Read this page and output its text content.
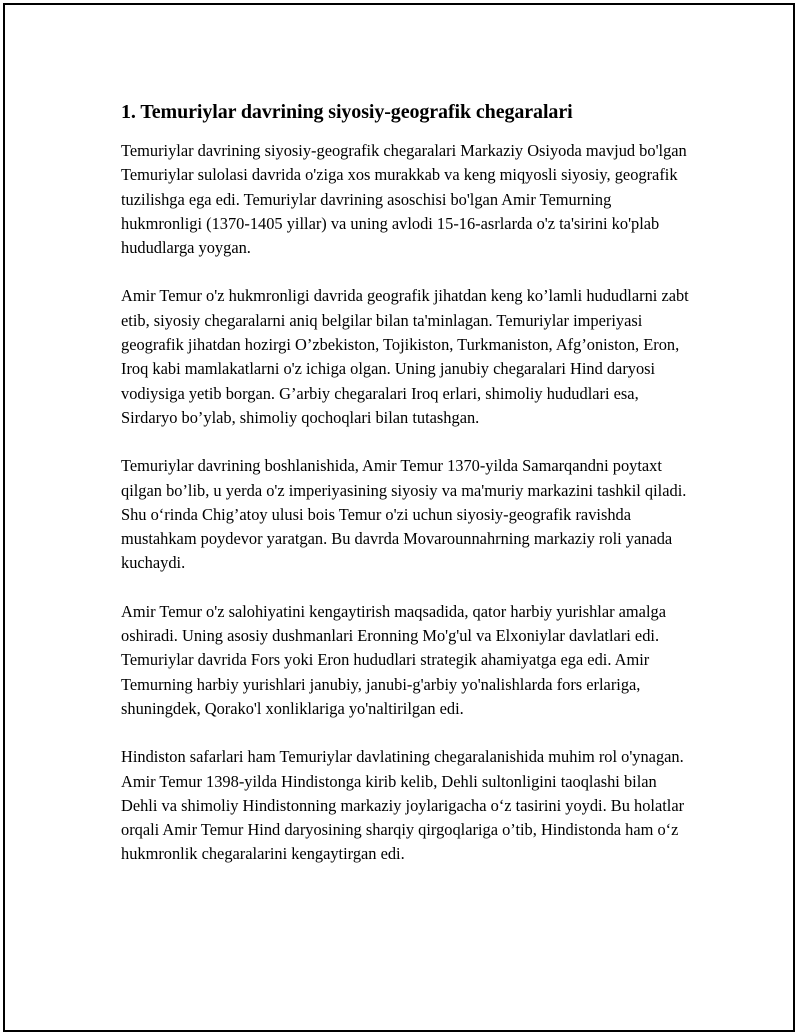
1. Temuriylar davrining siyosiy-geografik chegaralari

Temuriylar davrining siyosiy-geografik chegaralari Markaziy Osiyoda mavjud bo'lgan Temuriylar sulolasi davrida o'ziga xos murakkab va keng miqyosli siyosiy, geografik tuzilishga ega edi. Temuriylar davrining asoschisi bo'lgan Amir Temurning hukmronligi (1370-1405 yillar) va uning avlodi 15-16-asrlarda o'z ta'sirini ko'plab hududlarga yoygan.

Amir Temur o'z hukmronligi davrida geografik jihatdan keng ko’lamli hududlarni zabt etib, siyosiy chegaralarni aniq belgilar bilan ta'minlagan. Temuriylar imperiyasi geografik jihatdan hozirgi O’zbekiston, Tojikiston, Turkmaniston, Afg’oniston, Eron, Iroq kabi mamlakatlarni o'z ichiga olgan. Uning janubiy chegaralari Hind daryosi vodiysiga yetib borgan. G’arbiy chegaralari Iroq erlari, shimoliy hududlari esa, Sirdaryo bo’ylab, shimoliy qochoqlari bilan tutashgan.

Temuriylar davrining boshlanishida, Amir Temur 1370-yilda Samarqandni poytaxt qilgan bo’lib, u yerda o'z imperiyasining siyosiy va ma'muriy markazini tashkil qiladi. Shu o‘rinda Chig’atoy ulusi bois Temur o'zi uchun siyosiy-geografik ravishda mustahkam poydevor yaratgan. Bu davrda Movarounnahrning markaziy roli yanada kuchaydi.

Amir Temur o'z salohiyatini kengaytirish maqsadida, qator harbiy yurishlar amalga oshiradi. Uning asosiy dushmanlari Eronning Mo'g'ul va Elxoniylar davlatlari edi. Temuriylar davrida Fors yoki Eron hududlari strategik ahamiyatga ega edi. Amir Temurning harbiy yurishlari janubiy, janubi-g'arbiy yo'nalishlarda fors erlariga, shuningdek, Qorako'l xonliklariga yo'naltirilgan edi.

Hindiston safarlari ham Temuriylar davlatining chegaralanishida muhim rol o'ynagan. Amir Temur 1398-yilda Hindistonga kirib kelib, Dehli sultonligini taoqlashi bilan Dehli va shimoliy Hindistonning markaziy joylarigacha o‘z tasirini yoydi. Bu holatlar orqali Amir Temur Hind daryosining sharqiy qirgoqlariga o’tib, Hindistonda ham o‘z hukmronlik chegaralarini kengaytirgan edi.
